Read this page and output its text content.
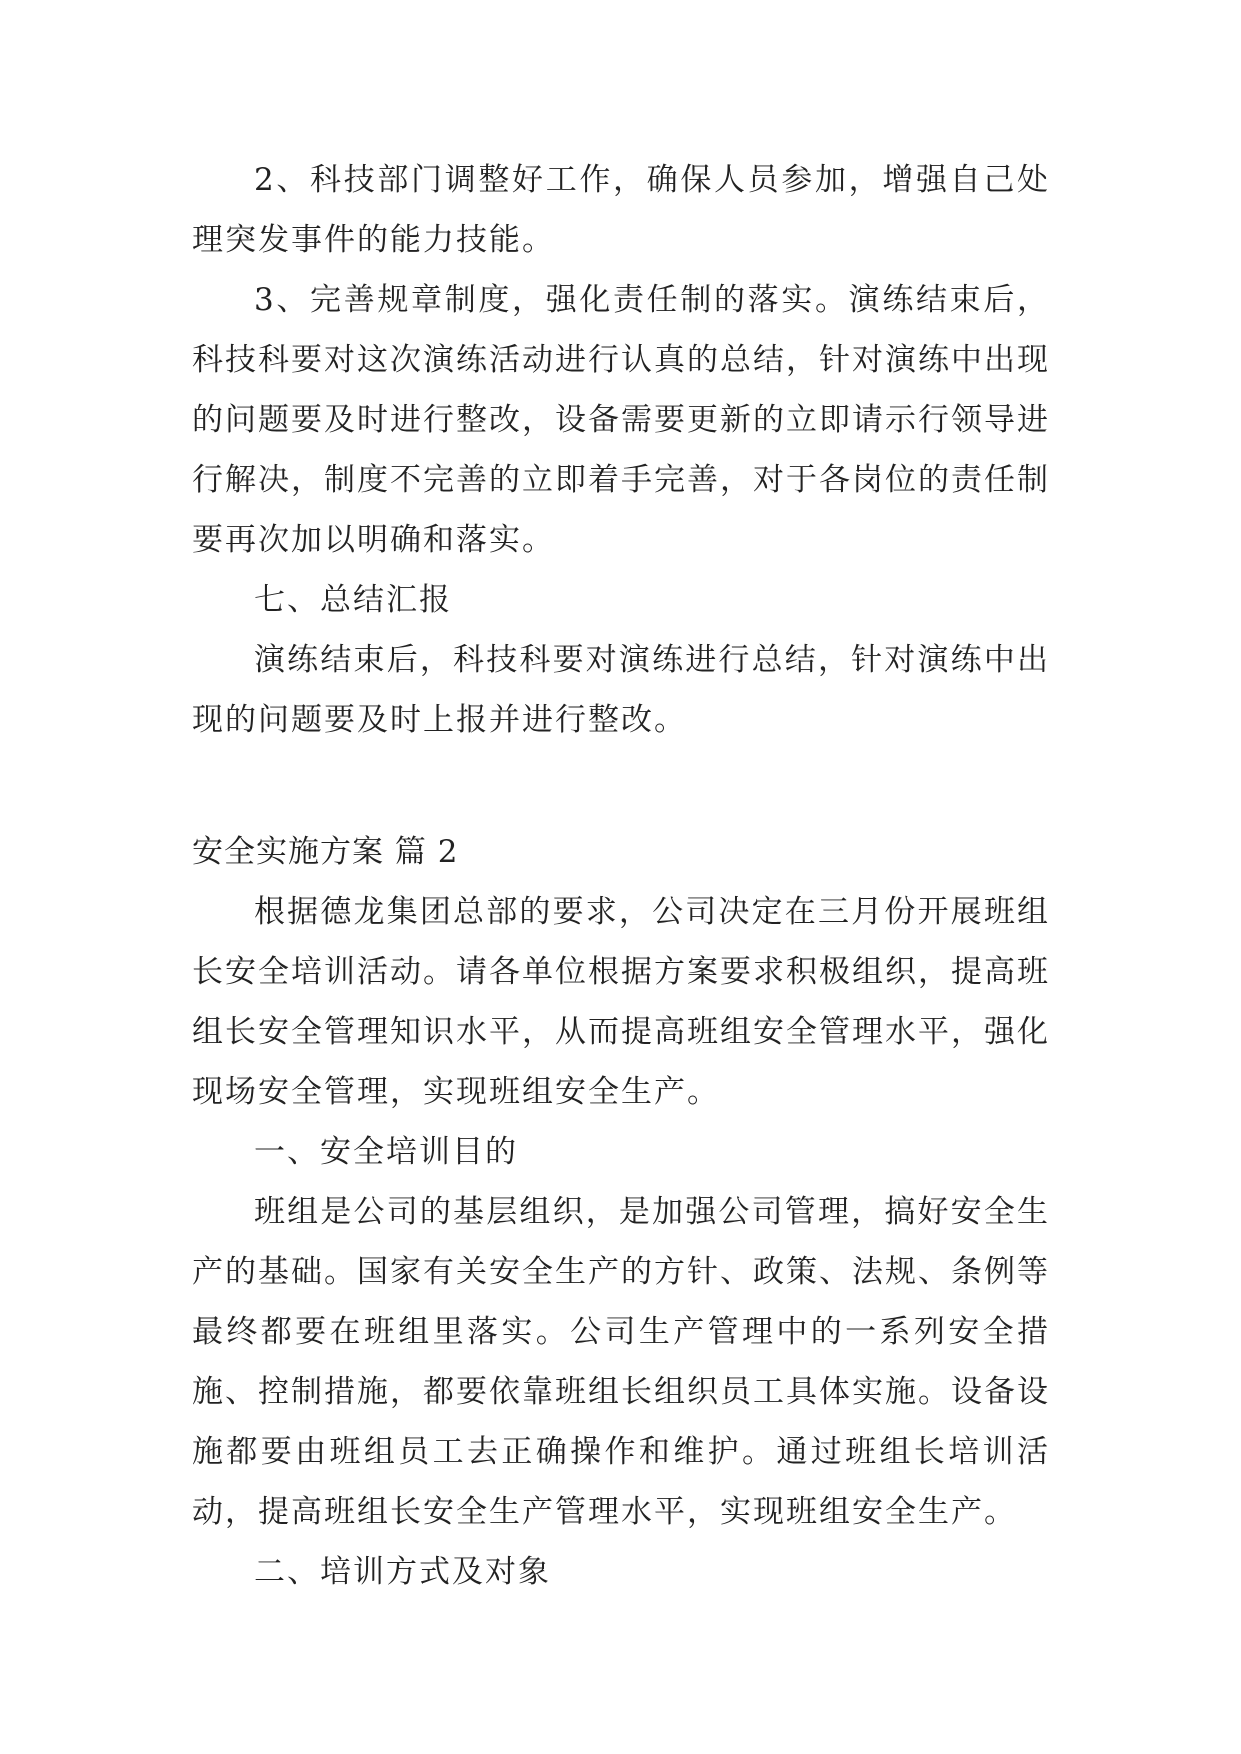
2、科技部门调整好工作，确保人员参加，增强自己处理突发事件的能力技能。

3、完善规章制度，强化责任制的落实。演练结束后，科技科要对这次演练活动进行认真的总结，针对演练中出现的问题要及时进行整改，设备需要更新的立即请示行领导进行解决，制度不完善的立即着手完善，对于各岗位的责任制要再次加以明确和落实。

七、总结汇报

演练结束后，科技科要对演练进行总结，针对演练中出现的问题要及时上报并进行整改。

安全实施方案 篇 2

根据德龙集团总部的要求，公司决定在三月份开展班组长安全培训活动。请各单位根据方案要求积极组织，提高班组长安全管理知识水平，从而提高班组安全管理水平，强化现场安全管理，实现班组安全生产。

一、安全培训目的

班组是公司的基层组织，是加强公司管理，搞好安全生产的基础。国家有关安全生产的方针、政策、法规、条例等最终都要在班组里落实。公司生产管理中的一系列安全措施、控制措施，都要依靠班组长组织员工具体实施。设备设施都要由班组员工去正确操作和维护。通过班组长培训活动，提高班组长安全生产管理水平，实现班组安全生产。

二、培训方式及对象
